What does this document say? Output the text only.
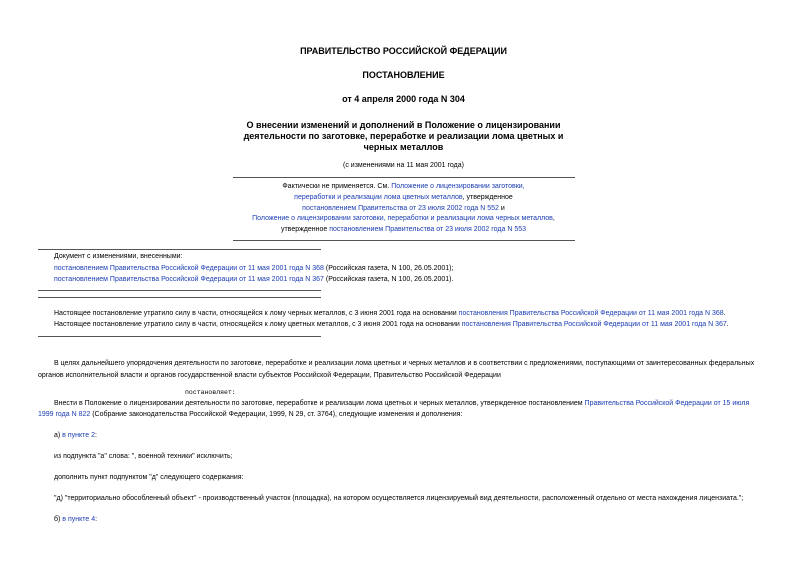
ПРАВИТЕЛЬСТВО РОССИЙСКОЙ ФЕДЕРАЦИИ
ПОСТАНОВЛЕНИЕ
от 4 апреля 2000 года N 304
О внесении изменений и дополнений в Положение о лицензировании
деятельности по заготовке, переработке и реализации лома цветных и
черных металлов
(с изменениями на 11 мая 2001 года)
Фактически не применяется. См. Положение о лицензировании заготовки,
переработки и реализации лома цветных металлов, утвержденное
постановлением Правительства от 23 июля 2002 года N 552 и
Положение о лицензировании заготовки, переработки и реализации лома черных металлов,
утвержденное постановлением Правительства от 23 июля 2002 года N 553
Документ с изменениями, внесенными:
постановлением Правительства Российской Федерации от 11 мая 2001 года N 368 (Российская газета, N 100, 26.05.2001);
постановлением Правительства Российской Федерации от 11 мая 2001 года N 367 (Российская газета, N 100, 26.05.2001).
Настоящее постановление утратило силу в части, относящейся к лому черных металлов, с 3 июня 2001 года на основании постановления Правительства Российской Федерации от 11 мая 2001 года N 368.
Настоящее постановление утратило силу в части, относящейся к лому цветных металлов, с 3 июня 2001 года на основании постановления Правительства Российской Федерации от 11 мая 2001 года N 367.
В целях дальнейшего упорядочения деятельности по заготовке, переработке и реализации лома цветных и черных металлов и в соответствии с предложениями, поступающими от заинтересованных федеральных
органов исполнительной власти и органов государственной власти субъектов Российской Федерации, Правительство Российской Федерации
постановляет:
Внести в Положение о лицензировании деятельности по заготовке, переработке и реализации лома цветных и черных металлов, утвержденное постановлением Правительства Российской Федерации от 15 июля
1999 года N 822 (Собрание законодательства Российской Федерации, 1999, N 29, ст. 3764), следующие изменения и дополнения:
а) в пункте 2:
из подпункта "а" слова: ", военной техники" исключить;
дополнить пункт подпунктом "д" следующего содержания:
"д) "территориально обособленный объект" - производственный участок (площадка), на котором осуществляется лицензируемый вид деятельности, расположенный отдельно от места нахождения лицензиата.";
б) в пункте 4:
